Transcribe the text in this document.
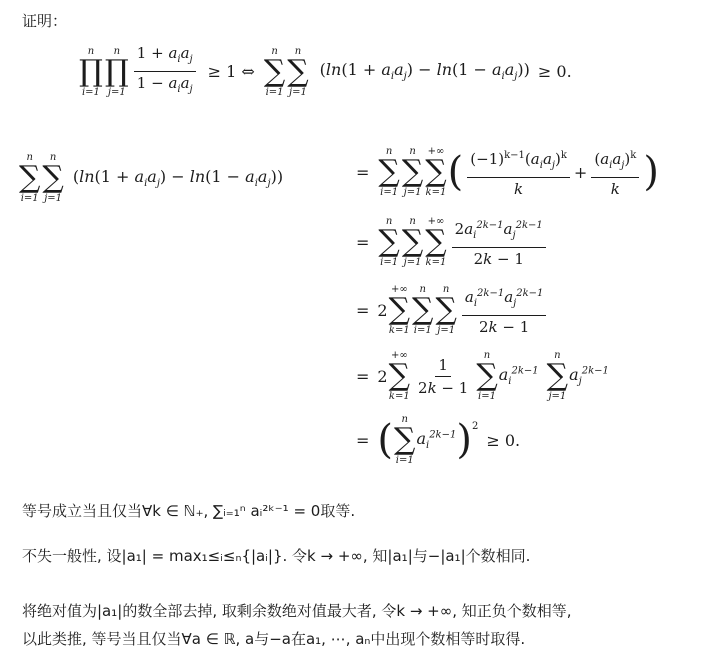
证明：
n
∏
i=1
n
∏
$j=1 \frac{1 + a_ia_j}{1 - a_ia_j} \ge 1$ ⇔
n
∑
i=1
n
∑
j=1
$(\ln(1 + a_ia_j) - \ln(1 - a_ia_j)) \ge 0$.
n
∑
i=1
n
∑
j=1
$(\ln(1 + a_ia_j) - \ln(1 - a_ia_j))$	=
n
∑
i=1
n
∑
j=1
+∞
∑
k=1 ( $\frac{(-1)^{k-1}(a_ia_j)^k}{k} + \frac{(a_ia_j)^k}{k}$ )
=
n
∑
i=1
n
∑
j=1
+∞
∑
$k=1 \frac{2a_i^{2k-1}a_j^{2k-1}}{2k - 1}$
= 2
+∞
∑
k=1
n
∑
i=1
n
∑
$j=1 \frac{a_i^{2k-1}a_j^{2k-1}}{2k - 1}$
= 2
+∞
∑
$k=1 \frac{1}{2k - 1}$ n
∑
i=1
$a_i^{2k-1}$
n
∑
j=1
$a_j^{2k-1}$
= ( n
∑
i=1
$a_i^{2k-1}$ )$^2$
≥ 0.
等号成立当且仅当∀k ∈ ℕ₊, ∑ᵢ₌₁ⁿ aᵢ²ᵏ⁻¹ = 0取等.
不失一般性, 设|a₁| = max₁≤ᵢ≤ₙ{|aᵢ|}. 令k → +∞, 知|a₁|与−|a₁|个数相同.
将绝对值为|a₁|的数全部去掉, 取剩余数绝对值最大者, 令k → +∞, 知正负个数相等,
以此类推, 等号当且仅当∀a ∈ ℝ, a与−a在a₁, ⋯, aₙ中出现个数相等时取得.
